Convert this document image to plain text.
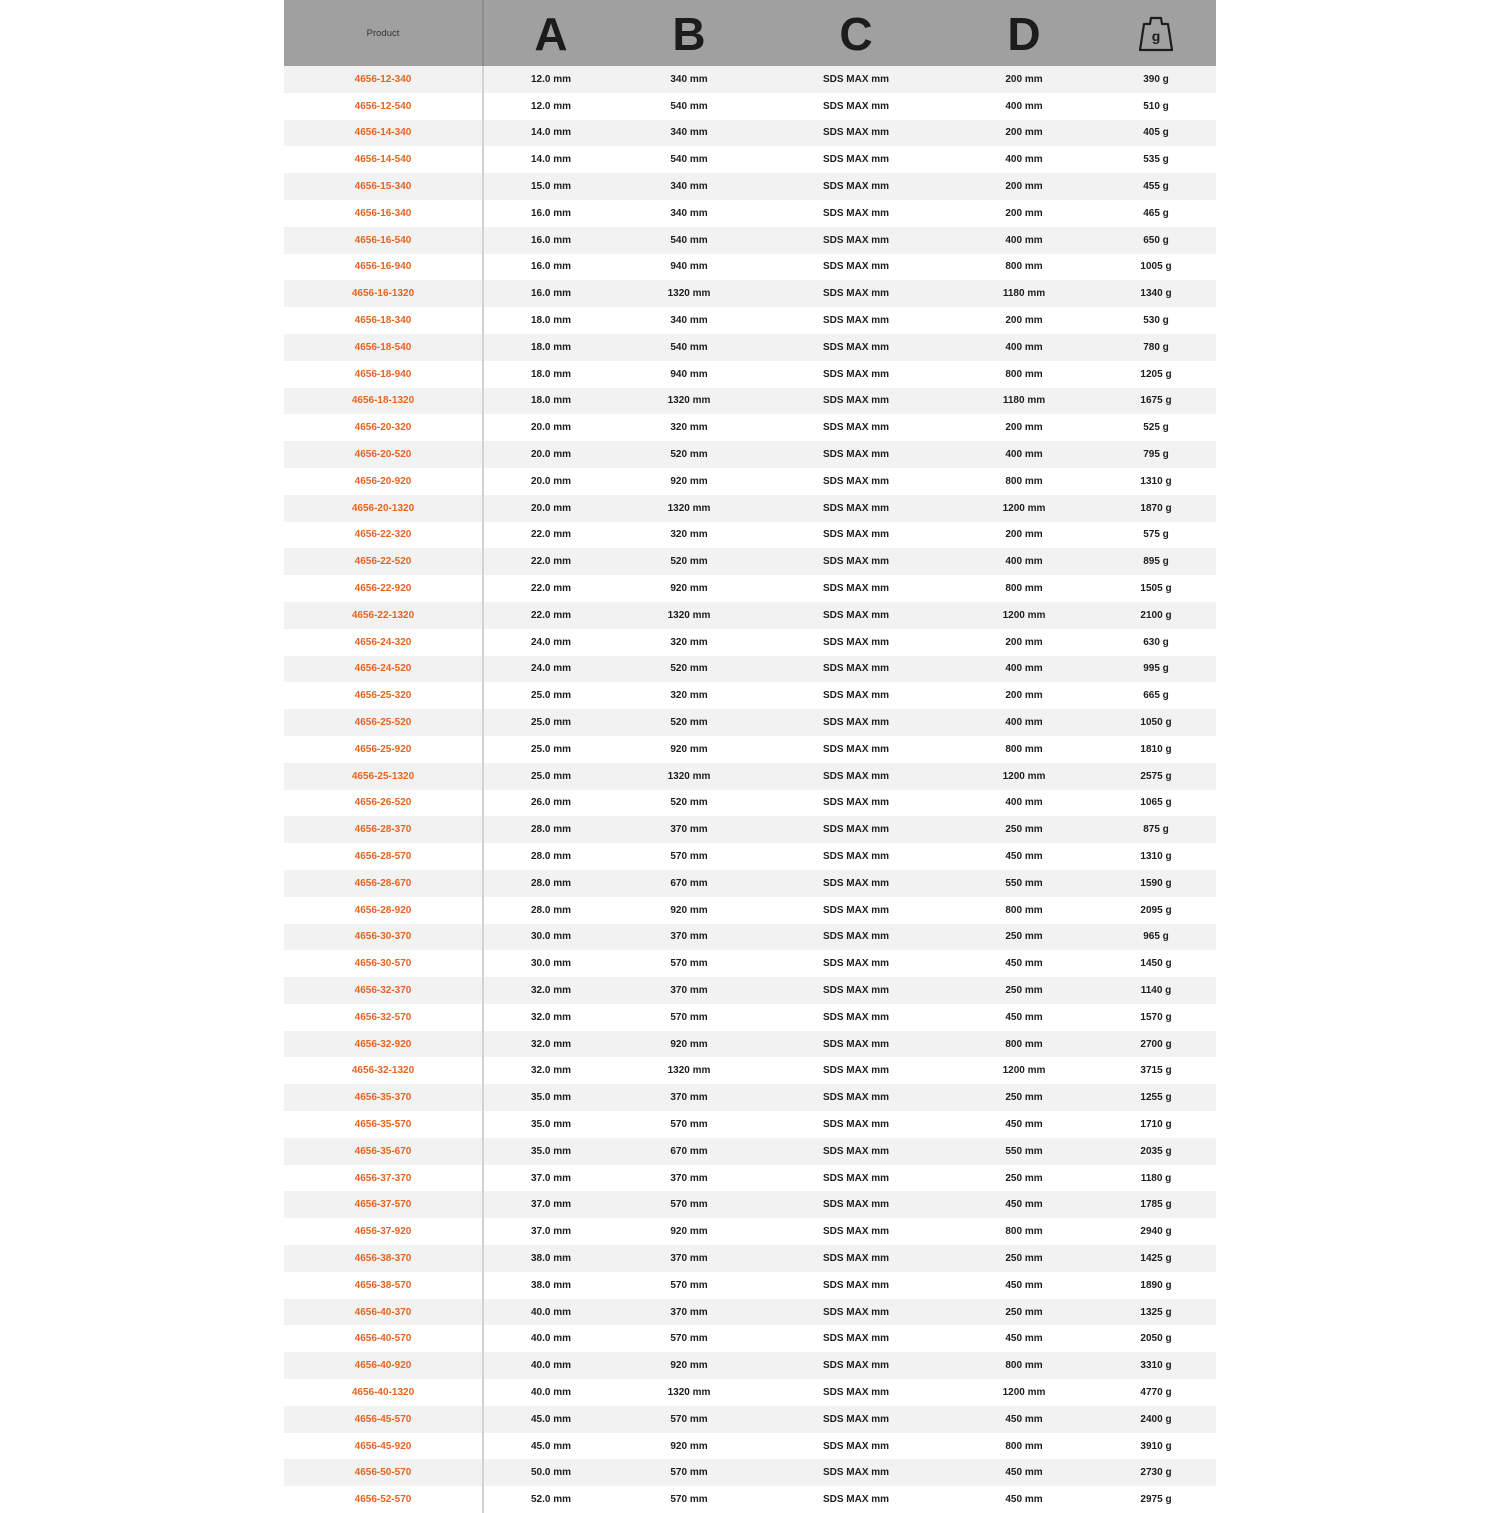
Product	A	B	C	D	g
4656-12-340	12.0 mm	340 mm	SDS MAX mm	200 mm	390 g
4656-12-540	12.0 mm	540 mm	SDS MAX mm	400 mm	510 g
4656-14-340	14.0 mm	340 mm	SDS MAX mm	200 mm	405 g
4656-14-540	14.0 mm	540 mm	SDS MAX mm	400 mm	535 g
4656-15-340	15.0 mm	340 mm	SDS MAX mm	200 mm	455 g
4656-16-340	16.0 mm	340 mm	SDS MAX mm	200 mm	465 g
4656-16-540	16.0 mm	540 mm	SDS MAX mm	400 mm	650 g
4656-16-940	16.0 mm	940 mm	SDS MAX mm	800 mm	1005 g
4656-16-1320	16.0 mm	1320 mm	SDS MAX mm	1180 mm	1340 g
4656-18-340	18.0 mm	340 mm	SDS MAX mm	200 mm	530 g
4656-18-540	18.0 mm	540 mm	SDS MAX mm	400 mm	780 g
4656-18-940	18.0 mm	940 mm	SDS MAX mm	800 mm	1205 g
4656-18-1320	18.0 mm	1320 mm	SDS MAX mm	1180 mm	1675 g
4656-20-320	20.0 mm	320 mm	SDS MAX mm	200 mm	525 g
4656-20-520	20.0 mm	520 mm	SDS MAX mm	400 mm	795 g
4656-20-920	20.0 mm	920 mm	SDS MAX mm	800 mm	1310 g
4656-20-1320	20.0 mm	1320 mm	SDS MAX mm	1200 mm	1870 g
4656-22-320	22.0 mm	320 mm	SDS MAX mm	200 mm	575 g
4656-22-520	22.0 mm	520 mm	SDS MAX mm	400 mm	895 g
4656-22-920	22.0 mm	920 mm	SDS MAX mm	800 mm	1505 g
4656-22-1320	22.0 mm	1320 mm	SDS MAX mm	1200 mm	2100 g
4656-24-320	24.0 mm	320 mm	SDS MAX mm	200 mm	630 g
4656-24-520	24.0 mm	520 mm	SDS MAX mm	400 mm	995 g
4656-25-320	25.0 mm	320 mm	SDS MAX mm	200 mm	665 g
4656-25-520	25.0 mm	520 mm	SDS MAX mm	400 mm	1050 g
4656-25-920	25.0 mm	920 mm	SDS MAX mm	800 mm	1810 g
4656-25-1320	25.0 mm	1320 mm	SDS MAX mm	1200 mm	2575 g
4656-26-520	26.0 mm	520 mm	SDS MAX mm	400 mm	1065 g
4656-28-370	28.0 mm	370 mm	SDS MAX mm	250 mm	875 g
4656-28-570	28.0 mm	570 mm	SDS MAX mm	450 mm	1310 g
4656-28-670	28.0 mm	670 mm	SDS MAX mm	550 mm	1590 g
4656-28-920	28.0 mm	920 mm	SDS MAX mm	800 mm	2095 g
4656-30-370	30.0 mm	370 mm	SDS MAX mm	250 mm	965 g
4656-30-570	30.0 mm	570 mm	SDS MAX mm	450 mm	1450 g
4656-32-370	32.0 mm	370 mm	SDS MAX mm	250 mm	1140 g
4656-32-570	32.0 mm	570 mm	SDS MAX mm	450 mm	1570 g
4656-32-920	32.0 mm	920 mm	SDS MAX mm	800 mm	2700 g
4656-32-1320	32.0 mm	1320 mm	SDS MAX mm	1200 mm	3715 g
4656-35-370	35.0 mm	370 mm	SDS MAX mm	250 mm	1255 g
4656-35-570	35.0 mm	570 mm	SDS MAX mm	450 mm	1710 g
4656-35-670	35.0 mm	670 mm	SDS MAX mm	550 mm	2035 g
4656-37-370	37.0 mm	370 mm	SDS MAX mm	250 mm	1180 g
4656-37-570	37.0 mm	570 mm	SDS MAX mm	450 mm	1785 g
4656-37-920	37.0 mm	920 mm	SDS MAX mm	800 mm	2940 g
4656-38-370	38.0 mm	370 mm	SDS MAX mm	250 mm	1425 g
4656-38-570	38.0 mm	570 mm	SDS MAX mm	450 mm	1890 g
4656-40-370	40.0 mm	370 mm	SDS MAX mm	250 mm	1325 g
4656-40-570	40.0 mm	570 mm	SDS MAX mm	450 mm	2050 g
4656-40-920	40.0 mm	920 mm	SDS MAX mm	800 mm	3310 g
4656-40-1320	40.0 mm	1320 mm	SDS MAX mm	1200 mm	4770 g
4656-45-570	45.0 mm	570 mm	SDS MAX mm	450 mm	2400 g
4656-45-920	45.0 mm	920 mm	SDS MAX mm	800 mm	3910 g
4656-50-570	50.0 mm	570 mm	SDS MAX mm	450 mm	2730 g
4656-52-570	52.0 mm	570 mm	SDS MAX mm	450 mm	2975 g
